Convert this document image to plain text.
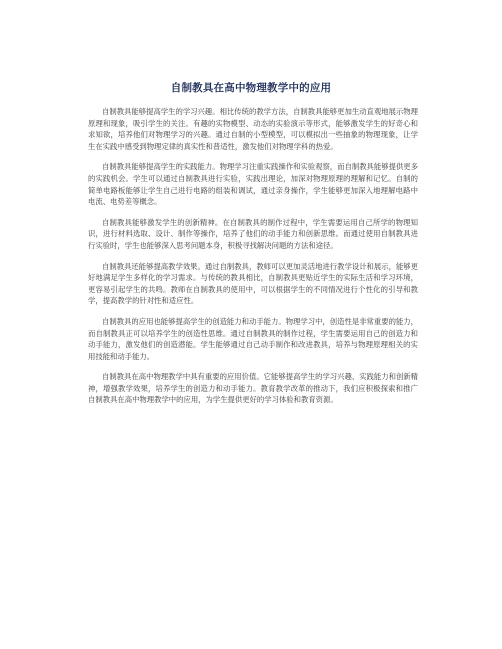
自制教具在高中物理教学中的应用

自制教具能够提高学生的学习兴趣。相比传统的教学方法，自制教具能够更加生动直观地展示物理原理和现象，吸引学生的关注。有趣的实物模型、动态的实验演示等形式，能够激发学生的好奇心和求知欲，培养他们对物理学习的兴趣。通过自制的小型模型，可以模拟出一些抽象的物理现象，让学生在实践中感受到物理定律的真实性和普适性，激发他们对物理学科的热爱。

自制教具能够提高学生的实践能力。物理学习注重实践操作和实验观察，而自制教具能够提供更多的实践机会。学生可以通过自制教具进行实验，实践出理论，加深对物理原理的理解和记忆。自制的简单电路板能够让学生自己进行电路的组装和调试，通过亲身操作，学生能够更加深入地理解电路中电流、电势差等概念。

自制教具能够激发学生的创新精神。在自制教具的制作过程中，学生需要运用自己所学的物理知识，进行材料选取、设计、制作等操作，培养了他们的动手能力和创新思维。而通过使用自制教具进行实验时，学生也能够深入思考问题本身，积极寻找解决问题的方法和途径。

自制教具还能够提高教学效果。通过自制教具，教师可以更加灵活地进行教学设计和展示，能够更好地满足学生多样化的学习需求。与传统的教具相比，自制教具更贴近学生的实际生活和学习环境，更容易引起学生的共鸣。教师在自制教具的使用中，可以根据学生的不同情况进行个性化的引导和教学，提高教学的针对性和适应性。

自制教具的应用也能够提高学生的创造能力和动手能力。物理学习中，创造性是非常重要的能力，而自制教具正可以培养学生的创造性思维。通过自制教具的制作过程，学生需要运用自己的创造力和动手能力，激发他们的创造潜能。学生能够通过自己动手制作和改进教具，培养与物理原理相关的实用技能和动手能力。

自制教具在高中物理教学中具有重要的应用价值。它能够提高学生的学习兴趣、实践能力和创新精神，增强教学效果，培养学生的创造力和动手能力。教育教学改革的推动下，我们应积极探索和推广自制教具在高中物理教学中的应用，为学生提供更好的学习体验和教育资源。
